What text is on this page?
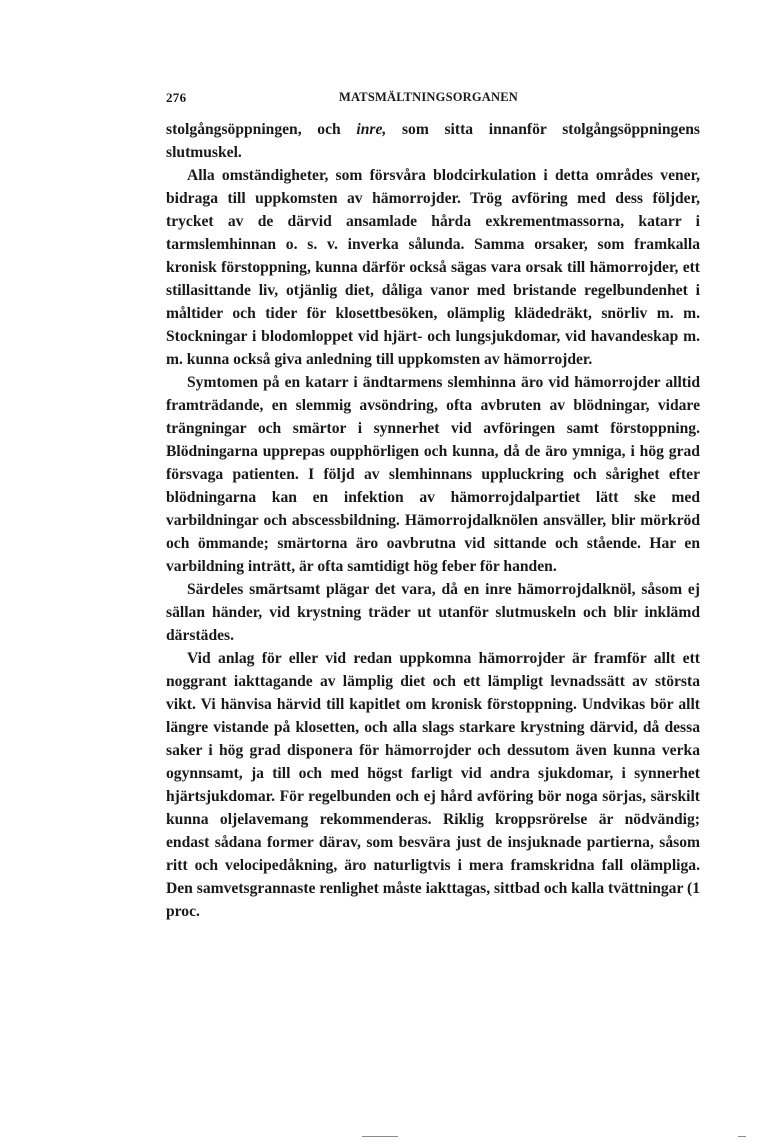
276	MATSMÄLTNINGSORGANEN

stolgångsöppningen, och inre, som sitta innanför stolgångsöppningens slutmuskel.

Alla omständigheter, som försvåra blodcirkulation i detta områdes vener, bidraga till uppkomsten av hämorrojder. Trög avföring med dess följder, trycket av de därvid ansamlade hårda exkrementmassorna, katarr i tarmslemhinnan o. s. v. inverka sålunda. Samma orsaker, som framkalla kronisk förstoppning, kunna därför också sägas vara orsak till hämorrojder, ett stillasittande liv, otjänlig diet, dåliga vanor med bristande regelbundenhet i måltider och tider för klosettbesöken, olämplig klädedräkt, snörliv m. m. Stockningar i blodomloppet vid hjärt- och lungsjukdomar, vid havandeskap m. m. kunna också giva anledning till uppkomsten av hämorrojder.

Symtomen på en katarr i ändtarmens slemhinna äro vid hämorrojder alltid framträdande, en slemmig avsöndring, ofta avbruten av blödningar, vidare trängningar och smärtor i synnerhet vid avföringen samt förstoppning. Blödningarna upprepas oupphörligen och kunna, då de äro ymniga, i hög grad försvaga patienten. I följd av slemhinnans uppluckring och sårighet efter blödningarna kan en infektion av hämorrojdalpartiet lätt ske med varbildningar och abscessbildning. Hämorrojdalknölen ansväller, blir mörkröd och ömmande; smärtorna äro oavbrutna vid sittande och stående. Har en varbildning inträtt, är ofta samtidigt hög feber för handen.

Särdeles smärtsamt plägar det vara, då en inre hämorrojdalknöl, såsom ej sällan händer, vid krystning träder ut utanför slutmuskeln och blir inklämd därstädes.

Vid anlag för eller vid redan uppkomna hämorrojder är framför allt ett noggrant iakttagande av lämplig diet och ett lämpligt levnadssätt av största vikt. Vi hänvisa härvid till kapitlet om kronisk förstoppning. Undvikas bör allt längre vistande på klosetten, och alla slags starkare krystning därvid, då dessa saker i hög grad disponera för hämorrojder och dessutom även kunna verka ogynnsamt, ja till och med högst farligt vid andra sjukdomar, i synnerhet hjärtsjukdomar. För regelbunden och ej hård avföring bör noga sörjas, särskilt kunna oljelavemang rekommenderas. Riklig kroppsrörelse är nödvändig; endast sådana former därav, som besvära just de insjuknade partierna, såsom ritt och velocipedåkning, äro naturligtvis i mera framskridna fall olämpliga. Den samvetsgrannaste renlighet måste iakttagas, sittbad och kalla tvättningar (1 proc.
